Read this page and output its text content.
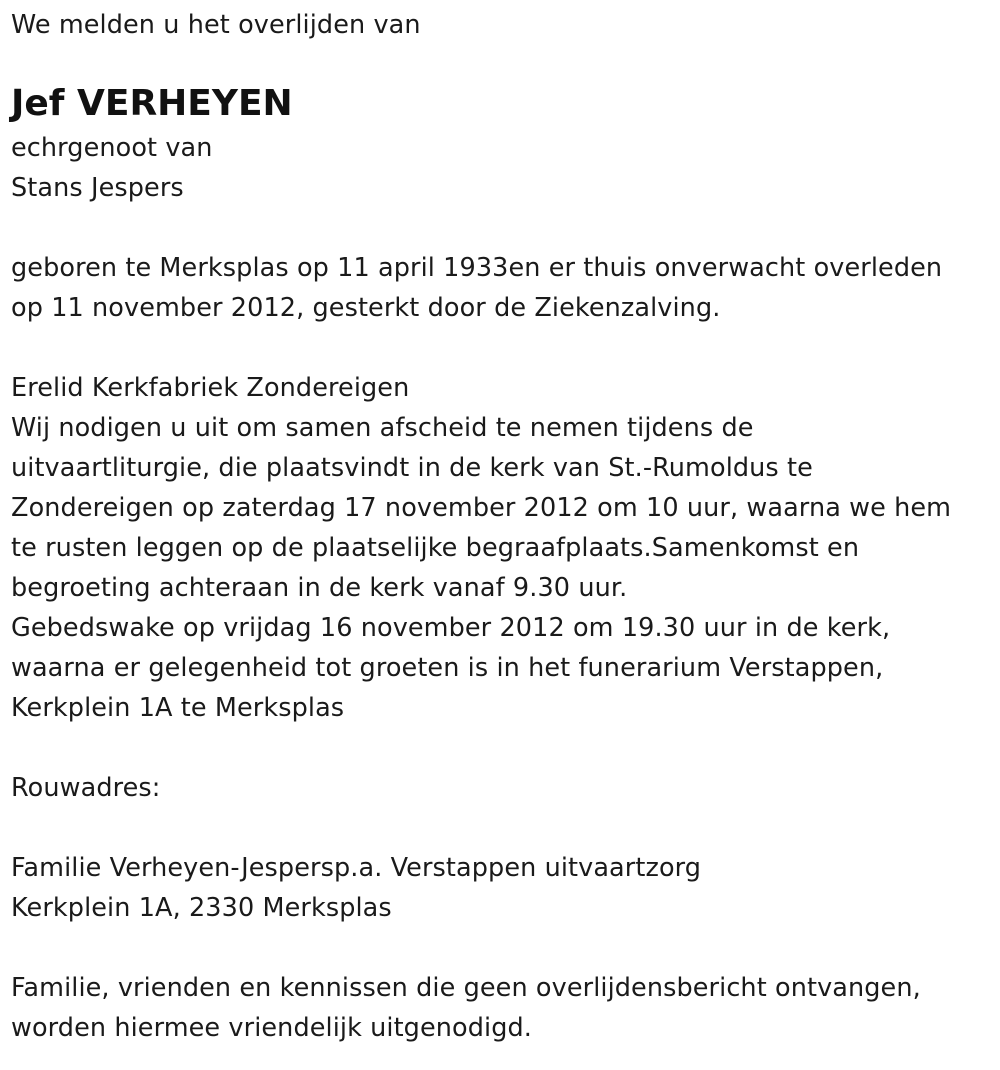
We melden u het overlijden van
Jef VERHEYEN
echrgenoot van
Stans Jespers
geboren te Merksplas op 11 april 1933en er thuis onverwacht overleden
op 11 november 2012, gesterkt door de Ziekenzalving.
Erelid Kerkfabriek Zondereigen
Wij nodigen u uit om samen afscheid te nemen tijdens de
uitvaartliturgie, die plaatsvindt in de kerk van St.-Rumoldus te
Zondereigen op zaterdag 17 november 2012 om 10 uur, waarna we hem
te rusten leggen op de plaatselijke begraafplaats.Samenkomst en
begroeting achteraan in de kerk vanaf 9.30 uur.
Gebedswake op vrijdag 16 november 2012 om 19.30 uur in de kerk,
waarna er gelegenheid tot groeten is in het funerarium Verstappen,
Kerkplein 1A te Merksplas
Rouwadres:
Familie Verheyen-Jespersp.a. Verstappen uitvaartzorg
Kerkplein 1A, 2330 Merksplas
Familie, vrienden en kennissen die geen overlijdensbericht ontvangen,
worden hiermee vriendelijk uitgenodigd.
